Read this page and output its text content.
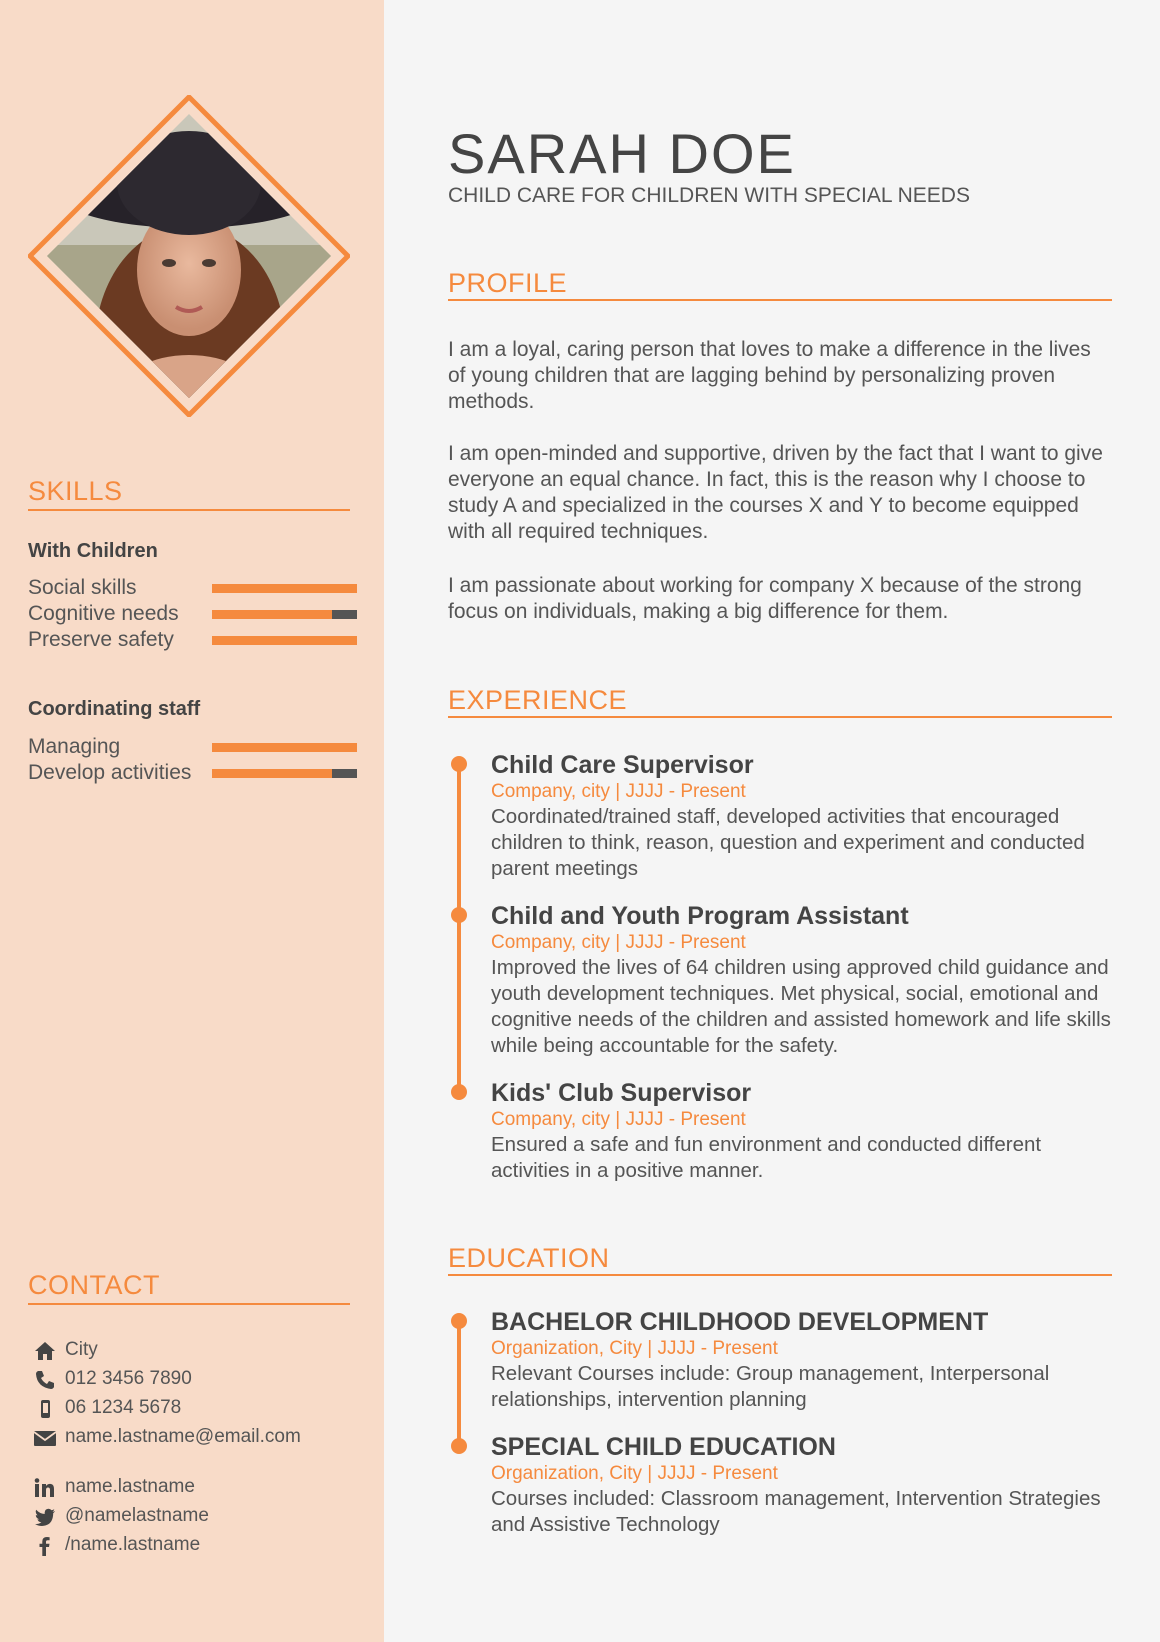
SKILLS
With Children
Social skills
Cognitive needs
Preserve safety
Coordinating staff
Managing
Develop activities
CONTACT
City
012 3456 7890
06 1234 5678
name.lastname@email.com
name.lastname
@namelastname
/name.lastname
SARAH DOE
CHILD CARE FOR CHILDREN WITH SPECIAL NEEDS
PROFILE

I am a loyal, caring person that loves to make a difference in the lives of young children that are lagging behind by personalizing proven methods.

I am open-minded and supportive, driven by the fact that I want to give everyone an equal chance. In fact, this is the reason why I choose to study A and specialized in the courses X and Y to become equipped with all required techniques.

I am passionate about working for company X because of the strong focus on individuals, making a big difference for them.

EXPERIENCE
Child Care Supervisor
Company, city | JJJJ - Present
Coordinated/trained staff, developed activities that encouraged children to think, reason, question and experiment and conducted parent meetings
Child and Youth Program Assistant
Company, city | JJJJ - Present
Improved the lives of 64 children using approved child guidance and youth development techniques. Met physical, social, emotional and cognitive needs of the children and assisted homework and life skills while being accountable for the safety.
Kids' Club Supervisor
Company, city | JJJJ - Present
Ensured a safe and fun environment and conducted different activities in a positive manner.
EDUCATION
BACHELOR CHILDHOOD DEVELOPMENT
Organization, City | JJJJ - Present
Relevant Courses include: Group management, Interpersonal relationships, intervention planning
SPECIAL CHILD EDUCATION
Organization, City | JJJJ - Present
Courses included: Classroom management, Intervention Strategies and Assistive Technology
